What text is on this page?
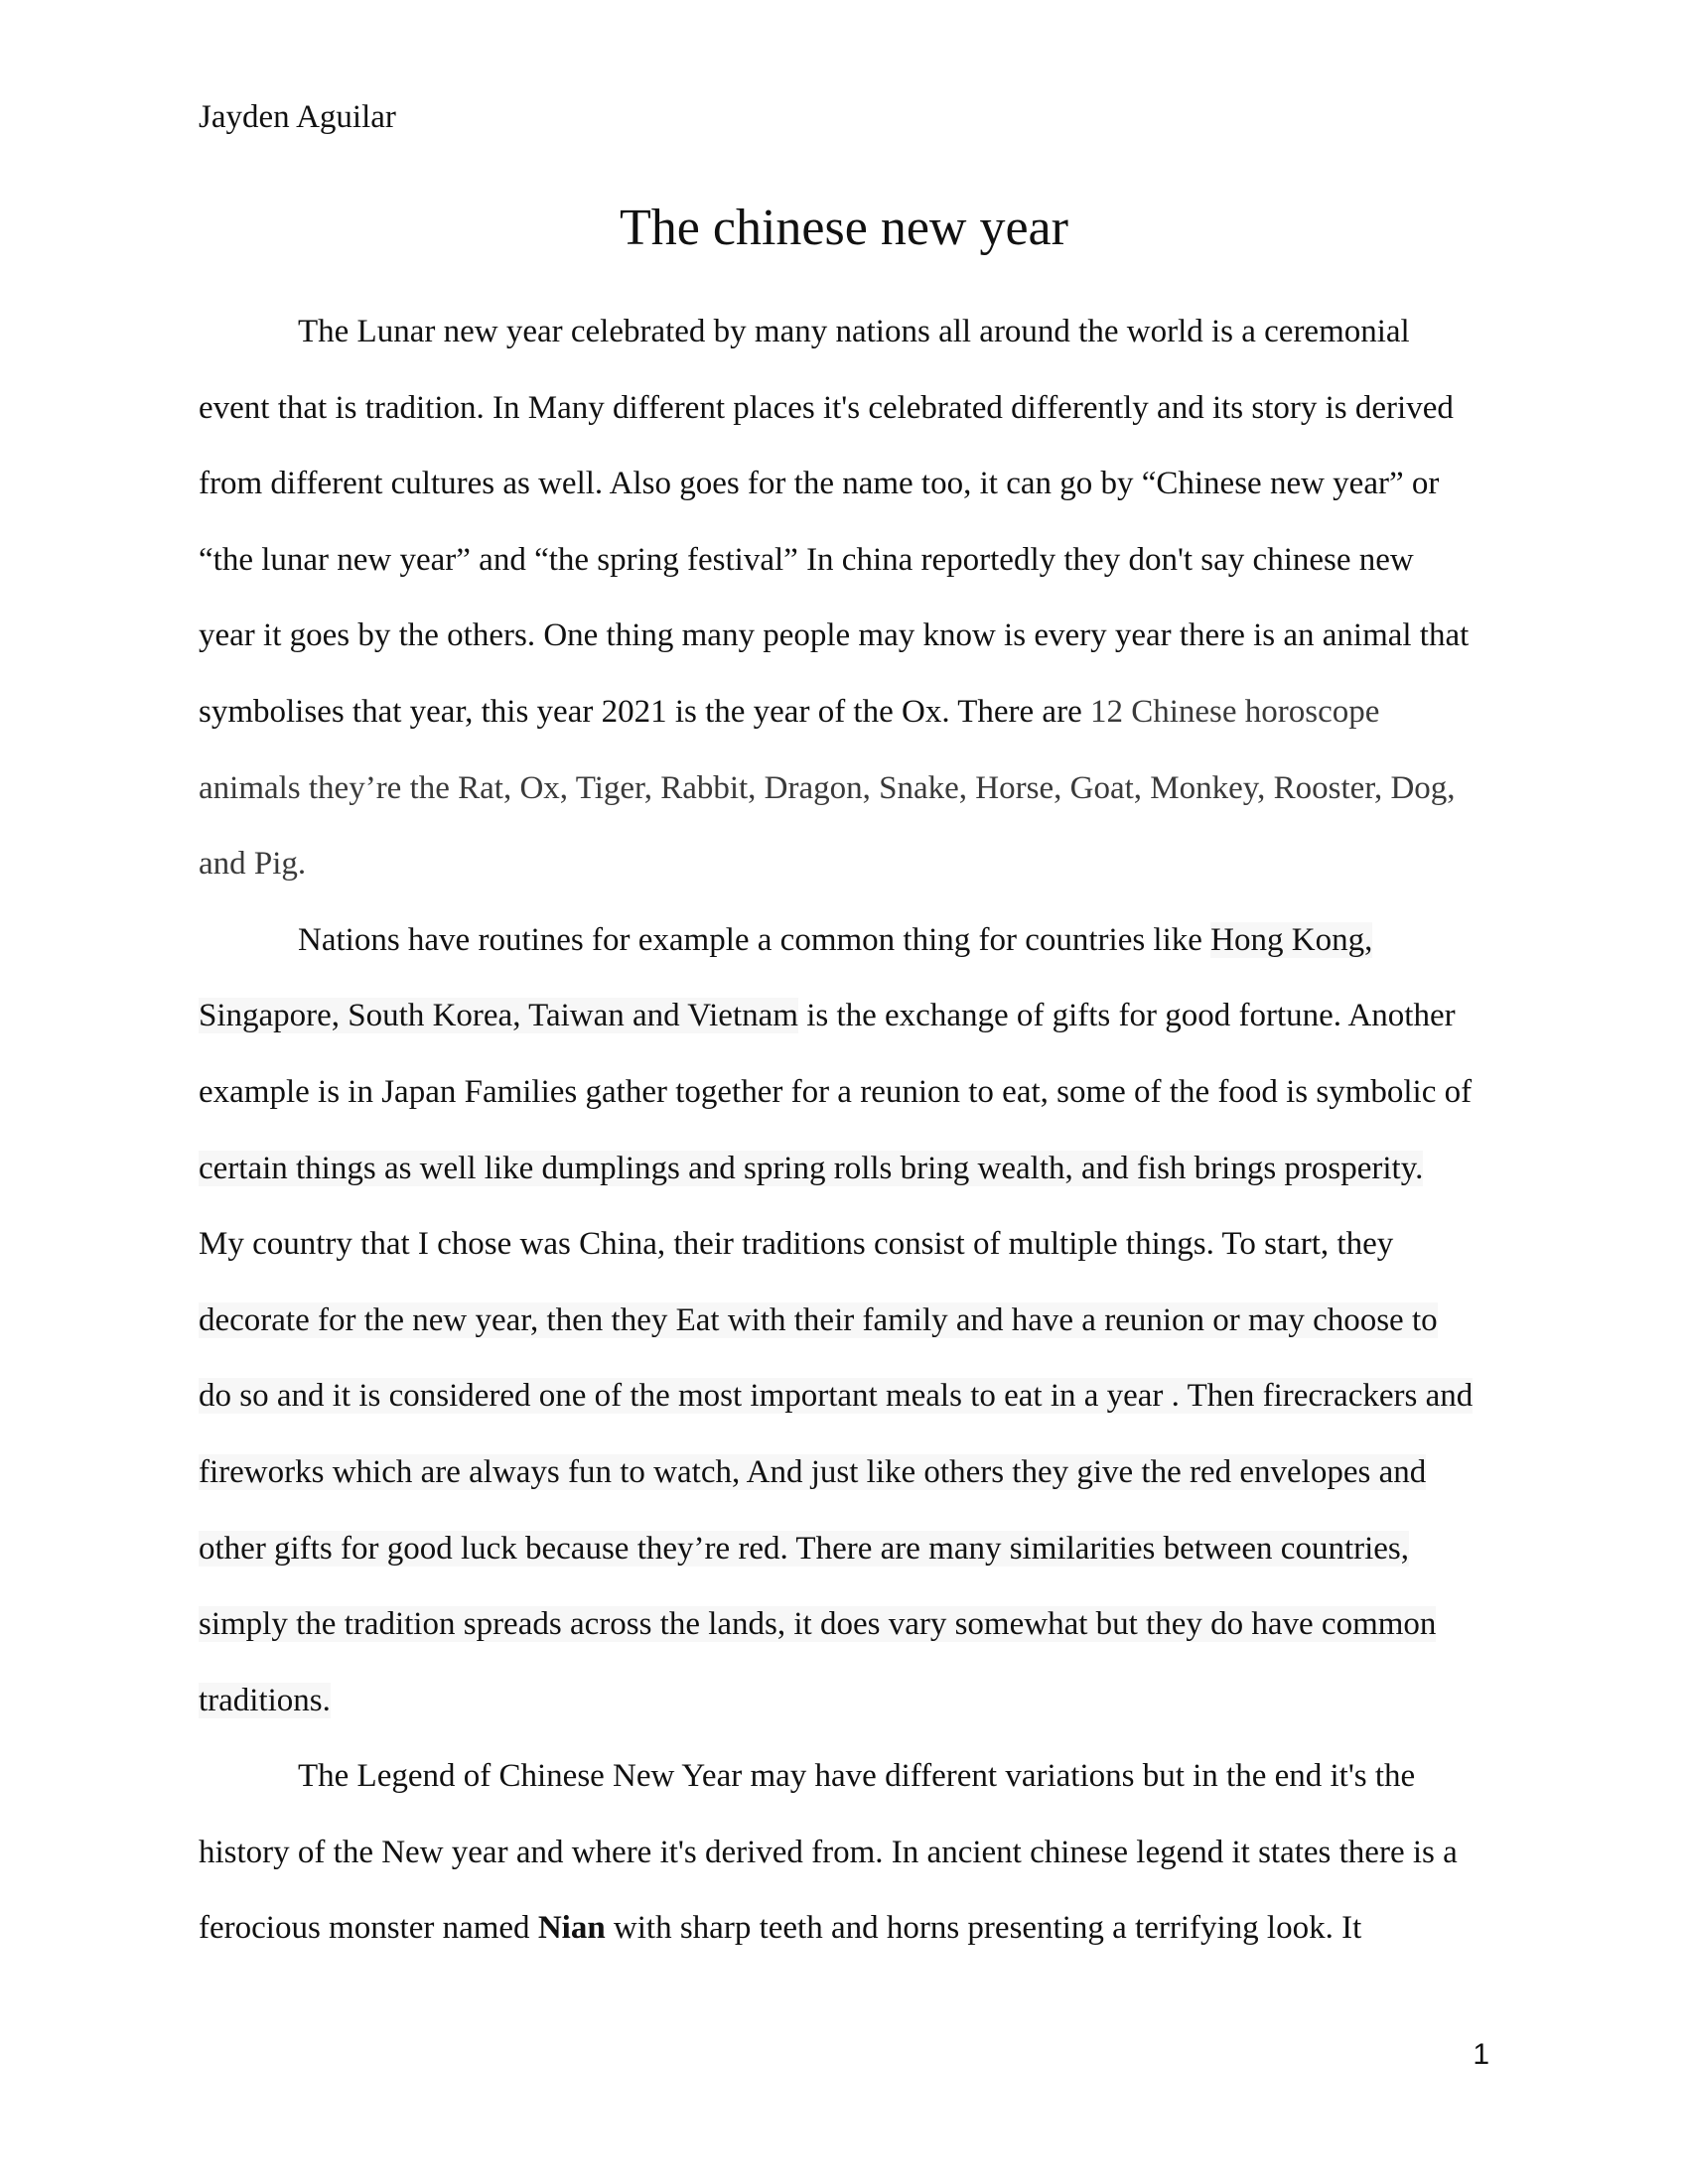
Jayden Aguilar
The chinese new year
The Lunar new year celebrated by many nations all around the world is a ceremonial
event that is tradition. In Many different places it's celebrated differently and its story is derived
from different cultures as well. Also goes for the name too, it can go by “Chinese new year” or
“the lunar new year” and “the spring festival” In china reportedly they don't say chinese new
year it goes by the others. One thing many people may know is every year there is an animal that
symbolises that year, this year 2021 is the year of the Ox. There are 12 Chinese horoscope
animals they’re the Rat, Ox, Tiger, Rabbit, Dragon, Snake, Horse, Goat, Monkey, Rooster, Dog,
and Pig.
Nations have routines for example a common thing for countries like Hong Kong,
Singapore, South Korea, Taiwan and Vietnam is the exchange of gifts for good fortune. Another
example is in Japan Families gather together for a reunion to eat, some of the food is symbolic of
certain things as well like dumplings and spring rolls bring wealth, and fish brings prosperity.
My country that I chose was China, their traditions consist of multiple things. To start, they
decorate for the new year, then they Eat with their family and have a reunion or may choose to
do so and it is considered one of the most important meals to eat in a year . Then firecrackers and
fireworks which are always fun to watch, And just like others they give the red envelopes and
other gifts for good luck because they’re red. There are many similarities between countries,
simply the tradition spreads across the lands, it does vary somewhat but they do have common
traditions.
The Legend of Chinese New Year may have different variations but in the end it's the
history of the New year and where it's derived from. In ancient chinese legend it states there is a
ferocious monster named Nian with sharp teeth and horns presenting a terrifying look. It
1
